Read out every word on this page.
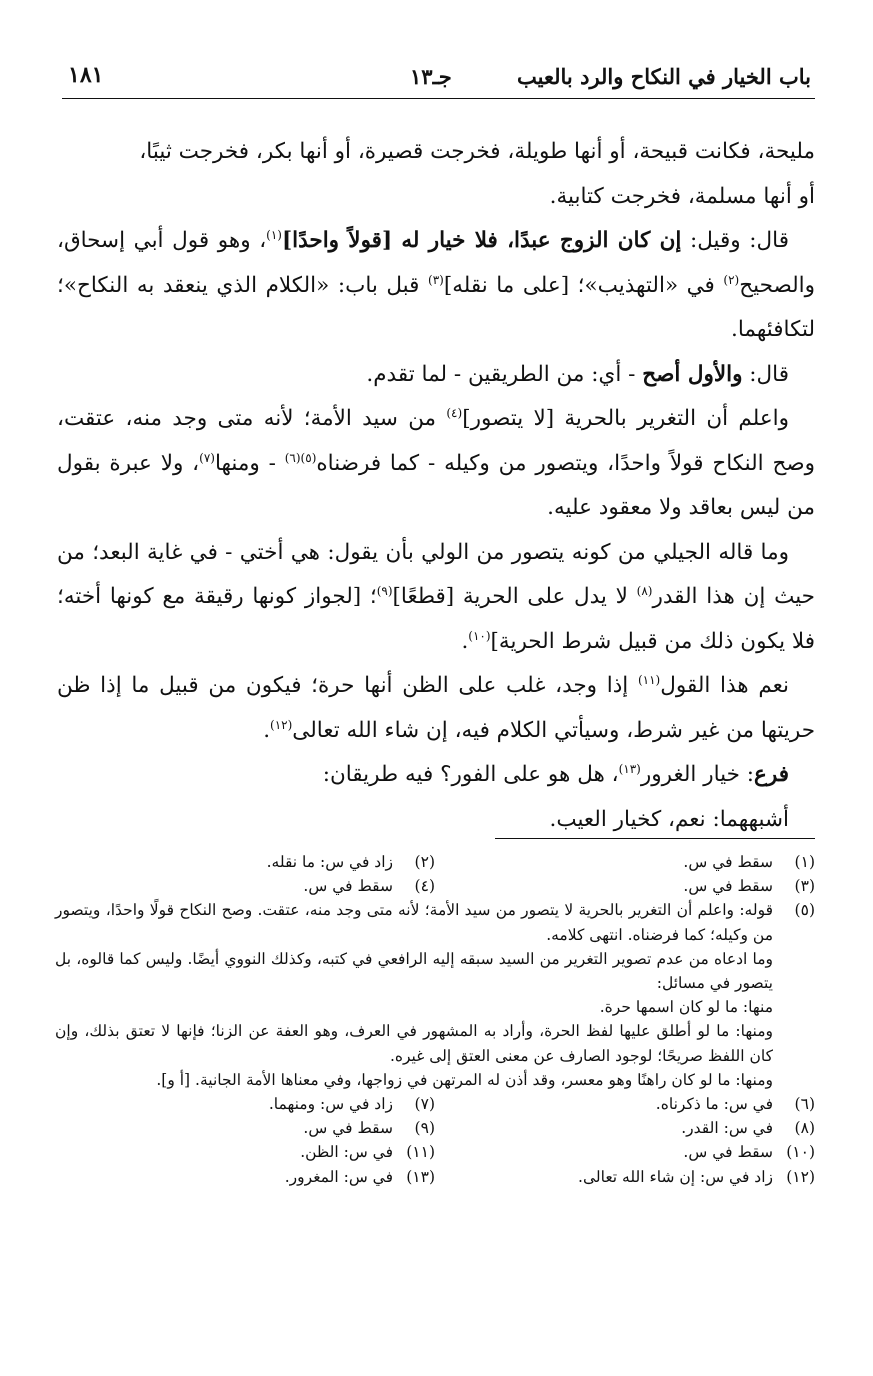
باب الخيار في النكاح والرد بالعيب
جـ١٣
١٨١

مليحة، فكانت قبيحة، أو أنها طويلة، فخرجت قصيرة، أو أنها بكر، فخرجت ثيبًا،
أو أنها مسلمة، فخرجت كتابية.

قال: وقيل: إن كان الزوج عبدًا، فلا خيار له [قولاً واحدًا]$^{(١)}$، وهو قول أبي إسحاق، والصحيح$^{(٢)}$ في «التهذيب»؛ [على ما نقله]$^{(٣)}$ قبل باب: «الكلام الذي ينعقد به النكاح»؛ لتكافئهما.

قال: والأول أصح - أي: من الطريقين - لما تقدم.

واعلم أن التغرير بالحرية [لا يتصور]$^{(٤)}$ من سيد الأمة؛ لأنه متى وجد منه، عتقت، وصح النكاح قولاً واحدًا، ويتصور من وكيله - كما فرضناه$^{(٥)(٦)}$ - ومنها$^{(٧)}$، ولا عبرة بقول من ليس بعاقد ولا معقود عليه.

وما قاله الجيلي من كونه يتصور من الولي بأن يقول: هي أختي - في غاية البعد؛ من حيث إن هذا القدر$^{(٨)}$ لا يدل على الحرية [قطعًا]$^{(٩)}$؛ [لجواز كونها رقيقة مع كونها أخته؛ فلا يكون ذلك من قبيل شرط الحرية]$^{(١٠)}$.

نعم هذا القول$^{(١١)}$ إذا وجد، غلب على الظن أنها حرة؛ فيكون من قبيل ما إذا ظن حريتها من غير شرط، وسيأتي الكلام فيه، إن شاء الله تعالى$^{(١٢)}$.

فرع: خيار الغرور$^{(١٣)}$، هل هو على الفور؟ فيه طريقان:

أشبههما: نعم، كخيار العيب.

(١)
سقط في س.
(٢)
زاد في س: ما نقله.
(٣)
سقط في س.
(٤)
سقط في س.
(٥)
قوله: واعلم أن التغرير بالحرية لا يتصور من سيد الأمة؛ لأنه متى وجد منه، عتقت. وصح النكاح قولًا واحدًا، ويتصور من وكيله؛ كما فرضناه. انتهى كلامه.
وما ادعاه من عدم تصوير التغرير من السيد سبقه إليه الرافعي في كتبه، وكذلك النووي أيضًا. وليس كما قالوه، بل يتصور في مسائل:
منها: ما لو كان اسمها حرة.
ومنها: ما لو أطلق عليها لفظ الحرة، وأراد به المشهور في العرف، وهو العفة عن الزنا؛ فإنها لا تعتق بذلك، وإن كان اللفظ صريحًا؛ لوجود الصارف عن معنى العتق إلى غيره.
ومنها: ما لو كان راهنًا وهو معسر، وقد أذن له المرتهن في زواجها، وفي معناها الأمة الجانية. [أ و].
(٦)
في س: ما ذكرناه.
(٧)
زاد في س: ومنهما.
(٨)
في س: القدر.
(٩)
سقط في س.
(١٠)
سقط في س.
(١١)
في س: الظن.
(١٢)
زاد في س: إن شاء الله تعالى.
(١٣)
في س: المغرور.
